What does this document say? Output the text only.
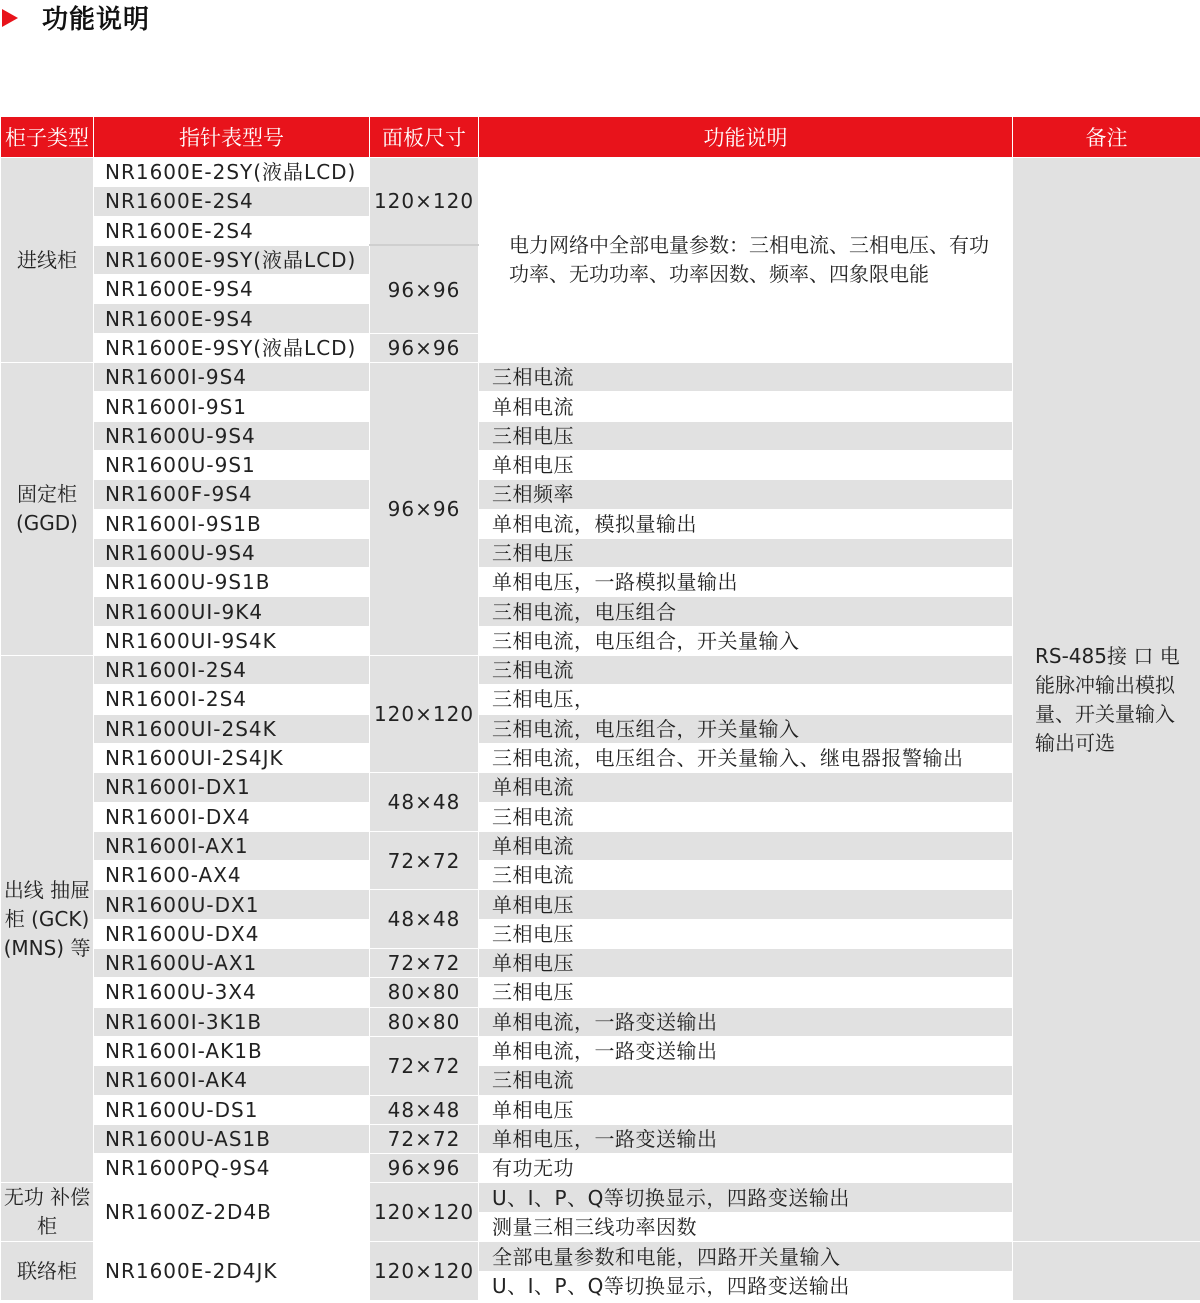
功能说明
柜子类型	指针表型号	面板尺寸	功能说明	备注
进线柜	NR1600E-2SY(液晶LCD)	120×120	电力网络中全部电量参数：三相电流、三相电压、有功功率、无功功率、功率因数、频率、四象限电能	RS-485接 口 电能脉冲输出模拟量、开关量输入输出可选
	NR1600E-2S4			
	NR1600E-2S4			
	NR1600E-9SY(液晶LCD)	96×96		
	NR1600E-9S4			
	NR1600E-9S4			
	NR1600E-9SY(液晶LCD)	96×96		
固定柜 (GGD)	NR1600I-9S4	96×96	三相电流	
	NR1600I-9S1		单相电流	
	NR1600U-9S4		三相电压	
	NR1600U-9S1		单相电压	
	NR1600F-9S4		三相频率	
	NR1600I-9S1B		单相电流，模拟量输出	
	NR1600U-9S4		三相电压	
	NR1600U-9S1B		单相电压，一路模拟量输出	
	NR1600UI-9K4		三相电流，电压组合	
	NR1600UI-9S4K		三相电流，电压组合，开关量输入	
出线 抽屉柜 (GCK) (MNS) 等	NR1600I-2S4	120×120	三相电流	
	NR1600I-2S4		三相电压，	
	NR1600UI-2S4K		三相电流，电压组合，开关量输入	
	NR1600UI-2S4JK		三相电流，电压组合、开关量输入、继电器报警输出	
	NR1600I-DX1	48×48	单相电流	
	NR1600I-DX4		三相电流	
	NR1600I-AX1	72×72	单相电流	
	NR1600-AX4		三相电流	
	NR1600U-DX1	48×48	单相电压	
	NR1600U-DX4		三相电压	
	NR1600U-AX1	72×72	单相电压	
	NR1600U-3X4	80×80	三相电压	
	NR1600I-3K1B	80×80	单相电流，一路变送输出	
	NR1600I-AK1B	72×72	单相电流，一路变送输出	
	NR1600I-AK4		三相电流	
	NR1600U-DS1	48×48	单相电压	
	NR1600U-AS1B	72×72	单相电压，一路变送输出	
	NR1600PQ-9S4	96×96	有功无功	
无功 补偿柜	NR1600Z-2D4B	120×120	U、I、P、Q等切换显示，四路变送输出	
			测量三相三线功率因数	
联络柜	NR1600E-2D4JK	120×120	全部电量参数和电能，四路开关量输入	
			U、I、P、Q等切换显示，四路变送输出	
